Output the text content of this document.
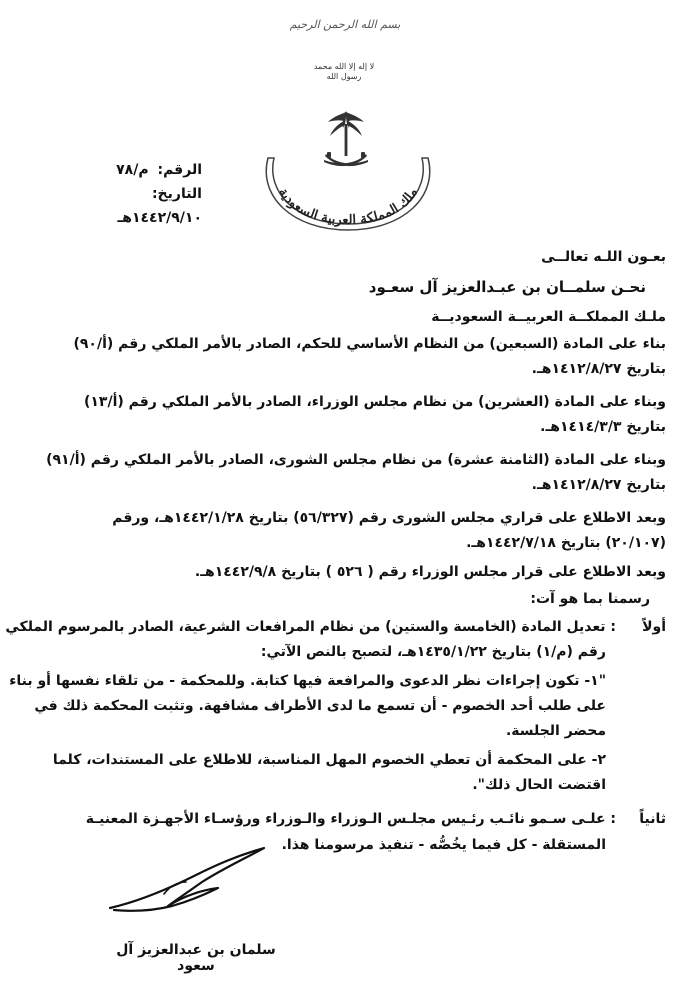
بسم الله الرحمن الرحيم
لا إله إلا الله محمد رسول الله
ملك المملكة العربية السعودية
الرقم: م/٧٨
التاريخ: ١٤٤٢/٩/١٠هـ
بعـون اللـه تعالــى
نحـن سلمــان بن عبـدالعزيز آل سعـود
ملـك المملكــة العربيــة السعوديــة
بناء على المادة (السبعين) من النظام الأساسي للحكم، الصادر بالأمر الملكي رقم (أ/٩٠)
بتاريخ ١٤١٢/٨/٢٧هـ.
وبناء على المادة (العشرين) من نظام مجلس الوزراء، الصادر بالأمر الملكي رقم (أ/١٣)
بتاريخ ١٤١٤/٣/٣هـ.
وبناء على المادة (الثامنة عشرة) من نظام مجلس الشورى، الصادر بالأمر الملكي رقم (أ/٩١)
بتاريخ ١٤١٢/٨/٢٧هـ.
وبعد الاطلاع على قراري مجلس الشورى رقم (٥٦/٣٢٧) بتاريخ ١٤٤٢/١/٢٨هـ، ورقم
(٢٠/١٠٧) بتاريخ ١٤٤٢/٧/١٨هـ.
وبعد الاطلاع على قرار مجلس الوزراء رقم ( ٥٢٦ ) بتاريخ ١٤٤٢/٩/٨هـ.
رسمنا بما هو آت:
أولاً
: تعديل المادة (الخامسة والستين) من نظام المرافعات الشرعية، الصادر بالمرسوم الملكي
رقم (م/١) بتاريخ ١٤٣٥/١/٢٢هـ، لتصبح بالنص الآتي:
"١- تكون إجراءات نظر الدعوى والمرافعة فيها كتابة. وللمحكمة - من تلقاء نفسها أو بناء
على طلب أحد الخصوم - أن تسمع ما لدى الأطراف مشافهة. وتثبت المحكمة ذلك في
محضر الجلسة.
٢- على المحكمة أن تعطي الخصوم المهل المناسبة، للاطلاع على المستندات، كلما
اقتضت الحال ذلك".
ثانياً
: علـى سـمو نائـب رئـيس مجلـس الـوزراء والـوزراء ورؤسـاء الأجهـزة المعنيـة
المستقلة - كل فيما يخُصُّه - تنفيذ مرسومنا هذا.
سلمان بن عبدالعزيز آل سعود
